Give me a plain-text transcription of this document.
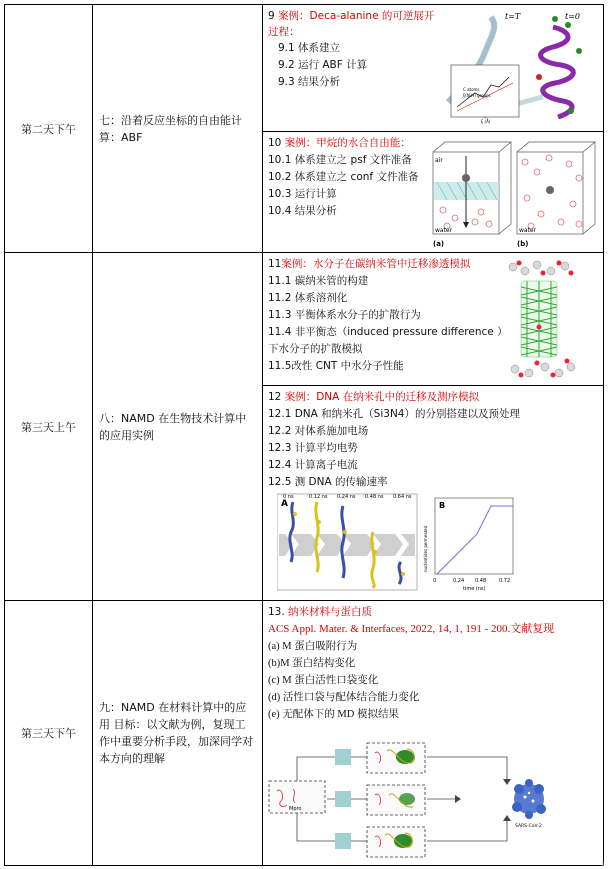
第二天下午
七：沿着反应坐标的自由能计算：ABF
9 案例：Deca-alanine 的可逆展开过程：
9.1 体系建立
9.2 运行 ABF 计算
9.3 结果分析
t=T	t=0
C atoms
ξ(N-H) groups
ξ (Å)
10 案例：甲烷的水合自由能：
10.1 体系建立之 psf 文件准备
10.2 体系建立之 conf 文件准备
10.3 运行计算
10.4 结果分析
air
water	water
(a)	(b)
第三天上午
八：NAMD 在生物技术计算中的应用实例
11案例：水分子在碳纳米管中迁移渗透模拟
11.1 碳纳米管的构建
11.2 体系溶剂化
11.3 平衡体系水分子的扩散行为
11.4 非平衡态（induced pressure difference ）
下水分子的扩散模拟
11.5改性 CNT 中水分子性能
12 案例：DNA 在纳米孔中的迁移及测序模拟
12.1 DNA 和纳米孔（Si3N4）的分别搭建以及预处理
12.2 对体系施加电场
12.3 计算平均电势
12.4 计算离子电流
12.5 测 DNA 的传输速率
A
0 ns	0.12 ns 0.24 ns 0.48 ns 0.64 ns
B
nucleotides permeated
0	0.24 0.48	0.72
time (ns)
第三天下午
九：NAMD 在材料计算中的应用 目标：以文献为例，复现工作中重要分析手段，加深同学对本方向的理解
13. 纳米材料与蛋白质
ACS Appl. Mater. & Interfaces, 2022, 14, 1, 191 - 200.文献复现
(a) M 蛋白吸附行为
(b)M 蛋白结构变化
(c) M 蛋白活性口袋变化
(d) 活性口袋与配体结合能力变化
(e) 无配体下的 MD 模拟结果
Mpro
SARS-CoV-2
1
